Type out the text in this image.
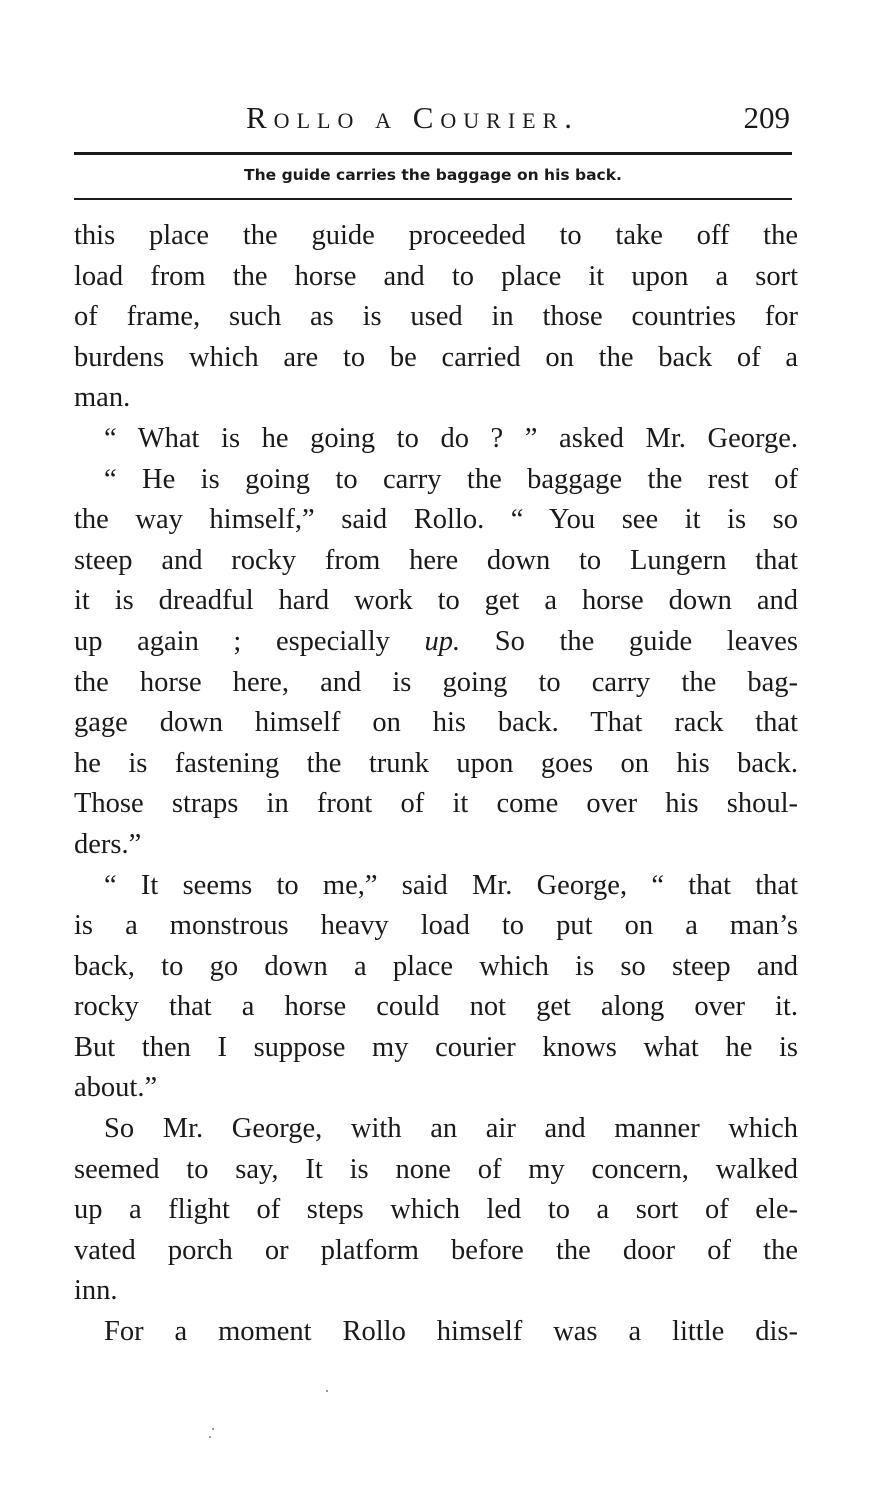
Rollo a Courier.	209
The guide carries the baggage on his back.
this place the guide proceeded to take off the
load from the horse and to place it upon a sort
of frame, such as is used in those countries for
burdens which are to be carried on the back of a
man.
“ What is he going to do ? ” asked Mr. George.
“ He is going to carry the baggage the rest of
the way himself,” said Rollo. “ You see it is so
steep and rocky from here down to Lungern that
it is dreadful hard work to get a horse down and
up again ; especially up. So the guide leaves
the horse here, and is going to carry the bag-
gage down himself on his back. That rack that
he is fastening the trunk upon goes on his back.
Those straps in front of it come over his shoul-
ders.”
“ It seems to me,” said Mr. George, “ that that
is a monstrous heavy load to put on a man’s
back, to go down a place which is so steep and
rocky that a horse could not get along over it.
But then I suppose my courier knows what he is
about.”
So Mr. George, with an air and manner which
seemed to say, It is none of my concern, walked
up a flight of steps which led to a sort of ele-
vated porch or platform before the door of the
inn.
For a moment Rollo himself was a little dis-
